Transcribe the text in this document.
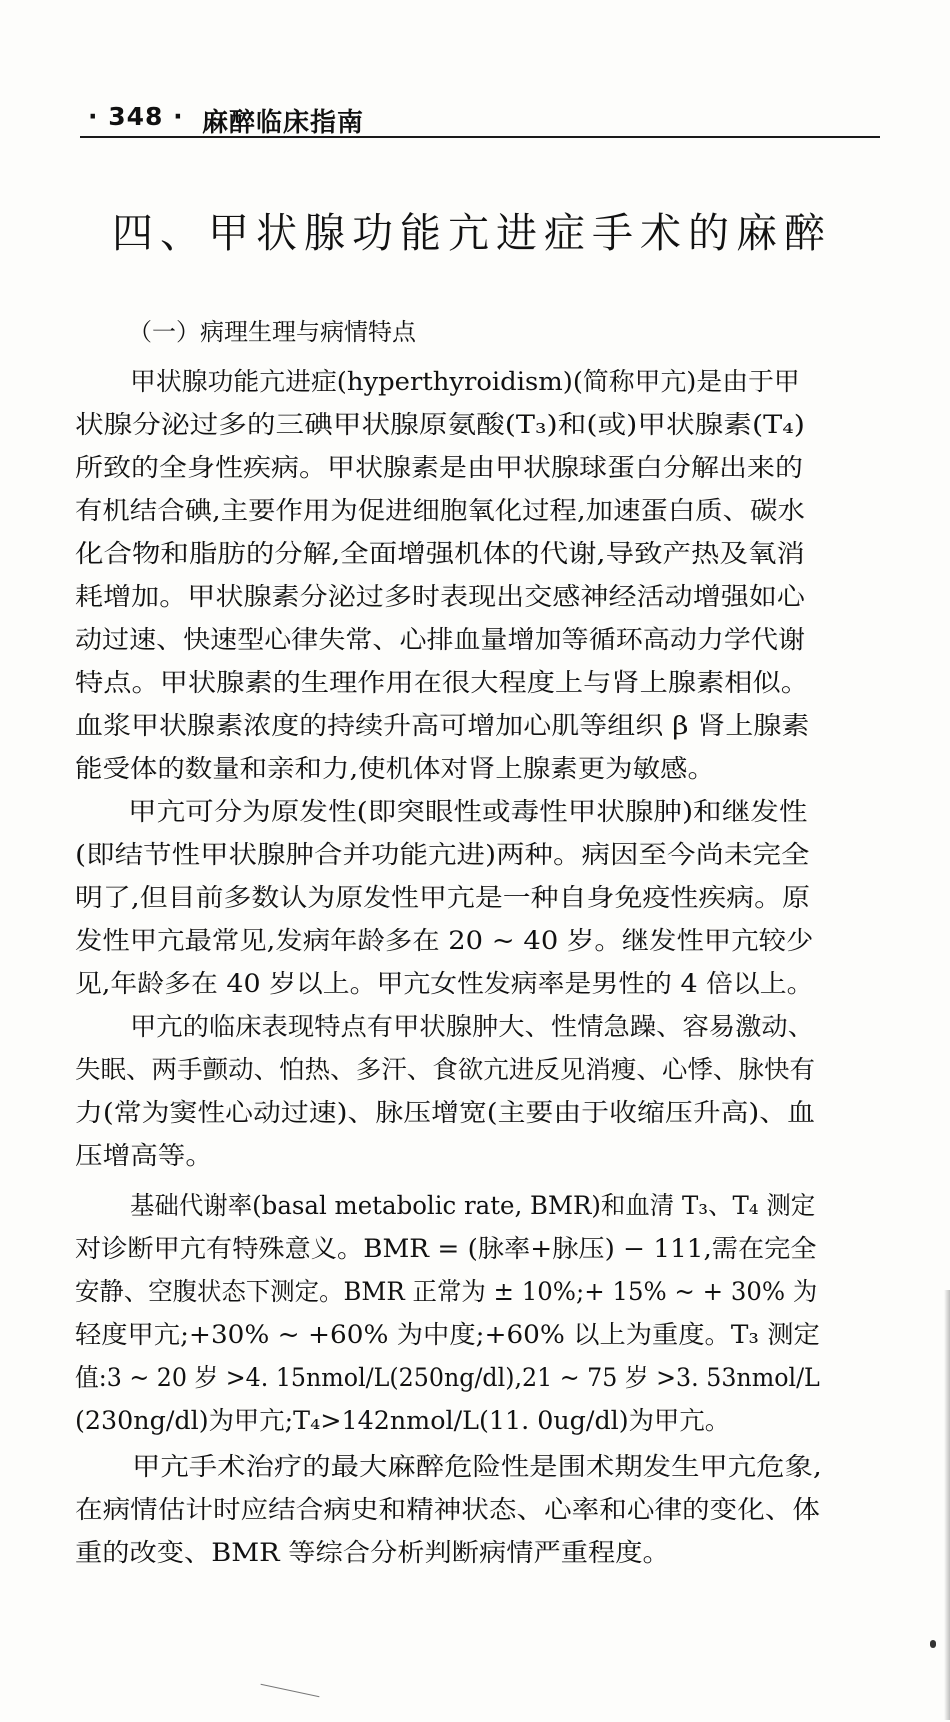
· 348 · 麻醉临床指南
四、甲状腺功能亢进症手术的麻醉
（一）病理生理与病情特点
甲状腺功能亢进症(hyperthyroidism)(简称甲亢)是由于甲
状腺分泌过多的三碘甲状腺原氨酸(T₃)和(或)甲状腺素(T₄)
所致的全身性疾病。甲状腺素是由甲状腺球蛋白分解出来的
有机结合碘,主要作用为促进细胞氧化过程,加速蛋白质、碳水
化合物和脂肪的分解,全面增强机体的代谢,导致产热及氧消
耗增加。甲状腺素分泌过多时表现出交感神经活动增强如心
动过速、快速型心律失常、心排血量增加等循环高动力学代谢
特点。甲状腺素的生理作用在很大程度上与肾上腺素相似。
血浆甲状腺素浓度的持续升高可增加心肌等组织 β 肾上腺素
能受体的数量和亲和力,使机体对肾上腺素更为敏感。
甲亢可分为原发性(即突眼性或毒性甲状腺肿)和继发性
(即结节性甲状腺肿合并功能亢进)两种。病因至今尚未完全
明了,但目前多数认为原发性甲亢是一种自身免疫性疾病。原
发性甲亢最常见,发病年龄多在 20 ~ 40 岁。继发性甲亢较少
见,年龄多在 40 岁以上。甲亢女性发病率是男性的 4 倍以上。
甲亢的临床表现特点有甲状腺肿大、性情急躁、容易激动、
失眠、两手颤动、怕热、多汗、食欲亢进反见消瘦、心悸、脉快有
力(常为窦性心动过速)、脉压增宽(主要由于收缩压升高)、血
压增高等。
基础代谢率(basal metabolic rate, BMR)和血清 T₃、T₄ 测定
对诊断甲亢有特殊意义。BMR = (脉率+脉压) − 111,需在完全
安静、空腹状态下测定。BMR 正常为 ± 10%;+ 15% ~ + 30% 为
轻度甲亢;+30% ~ +60% 为中度;+60% 以上为重度。T₃ 测定
值:3 ~ 20 岁 >4. 15nmol/L(250ng/dl),21 ~ 75 岁 >3. 53nmol/L
(230ng/dl)为甲亢;T₄>142nmol/L(11. 0ug/dl)为甲亢。
甲亢手术治疗的最大麻醉危险性是围术期发生甲亢危象,
在病情估计时应结合病史和精神状态、心率和心律的变化、体
重的改变、BMR 等综合分析判断病情严重程度。
